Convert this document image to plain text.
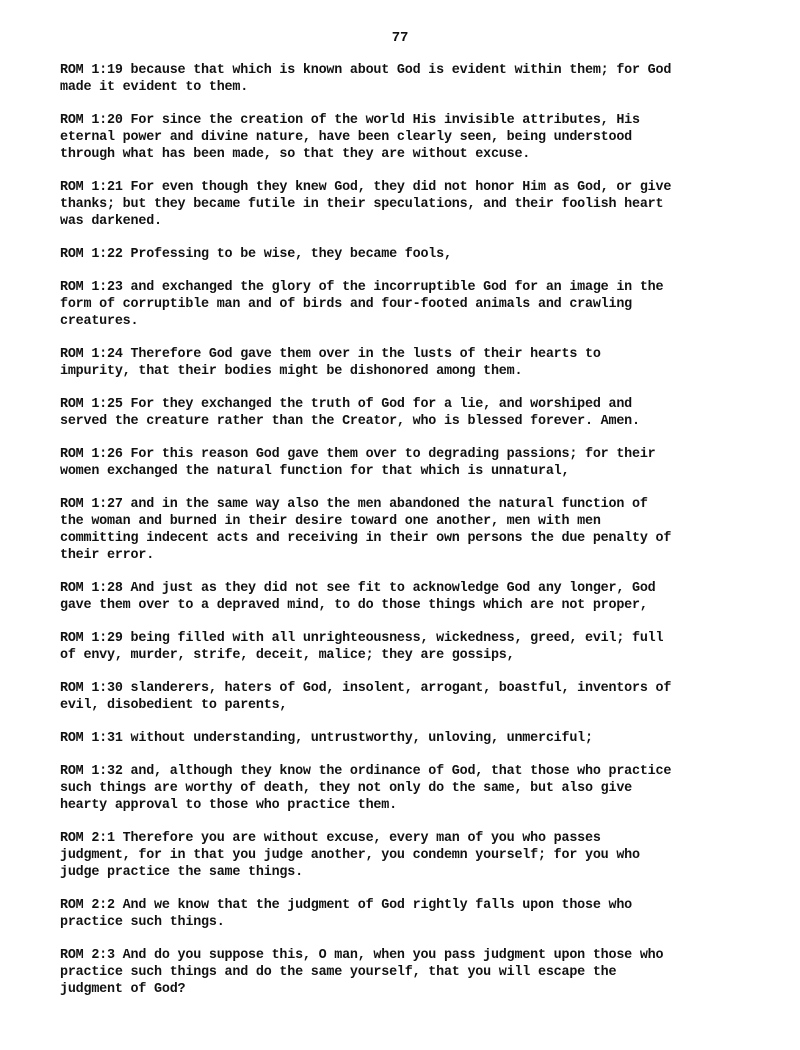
77

ROM 1:19 because that which is known about God is evident within them; for God
made it evident to them.

ROM 1:20 For since the creation of the world His invisible attributes, His
eternal power and divine nature, have been clearly seen, being understood
through what has been made, so that they are without excuse.

ROM 1:21 For even though they knew God, they did not honor Him as God, or give
thanks; but they became futile in their speculations, and their foolish heart
was darkened.

ROM 1:22 Professing to be wise, they became fools,

ROM 1:23 and exchanged the glory of the incorruptible God for an image in the
form of corruptible man and of birds and four-footed animals and crawling
creatures.

ROM 1:24 Therefore God gave them over in the lusts of their hearts to
impurity, that their bodies might be dishonored among them.

ROM 1:25 For they exchanged the truth of God for a lie, and worshiped and
served the creature rather than the Creator, who is blessed forever. Amen.

ROM 1:26 For this reason God gave them over to degrading passions; for their
women exchanged the natural function for that which is unnatural,

ROM 1:27 and in the same way also the men abandoned the natural function of
the woman and burned in their desire toward one another, men with men
committing indecent acts and receiving in their own persons the due penalty of
their error.

ROM 1:28 And just as they did not see fit to acknowledge God any longer, God
gave them over to a depraved mind, to do those things which are not proper,

ROM 1:29 being filled with all unrighteousness, wickedness, greed, evil; full
of envy, murder, strife, deceit, malice; they are gossips,

ROM 1:30 slanderers, haters of God, insolent, arrogant, boastful, inventors of
evil, disobedient to parents,

ROM 1:31 without understanding, untrustworthy, unloving, unmerciful;

ROM 1:32 and, although they know the ordinance of God, that those who practice
such things are worthy of death, they not only do the same, but also give
hearty approval to those who practice them.

ROM 2:1 Therefore you are without excuse, every man of you who passes
judgment, for in that you judge another, you condemn yourself; for you who
judge practice the same things.

ROM 2:2 And we know that the judgment of God rightly falls upon those who
practice such things.

ROM 2:3 And do you suppose this, O man, when you pass judgment upon those who
practice such things and do the same yourself, that you will escape the
judgment of God?
